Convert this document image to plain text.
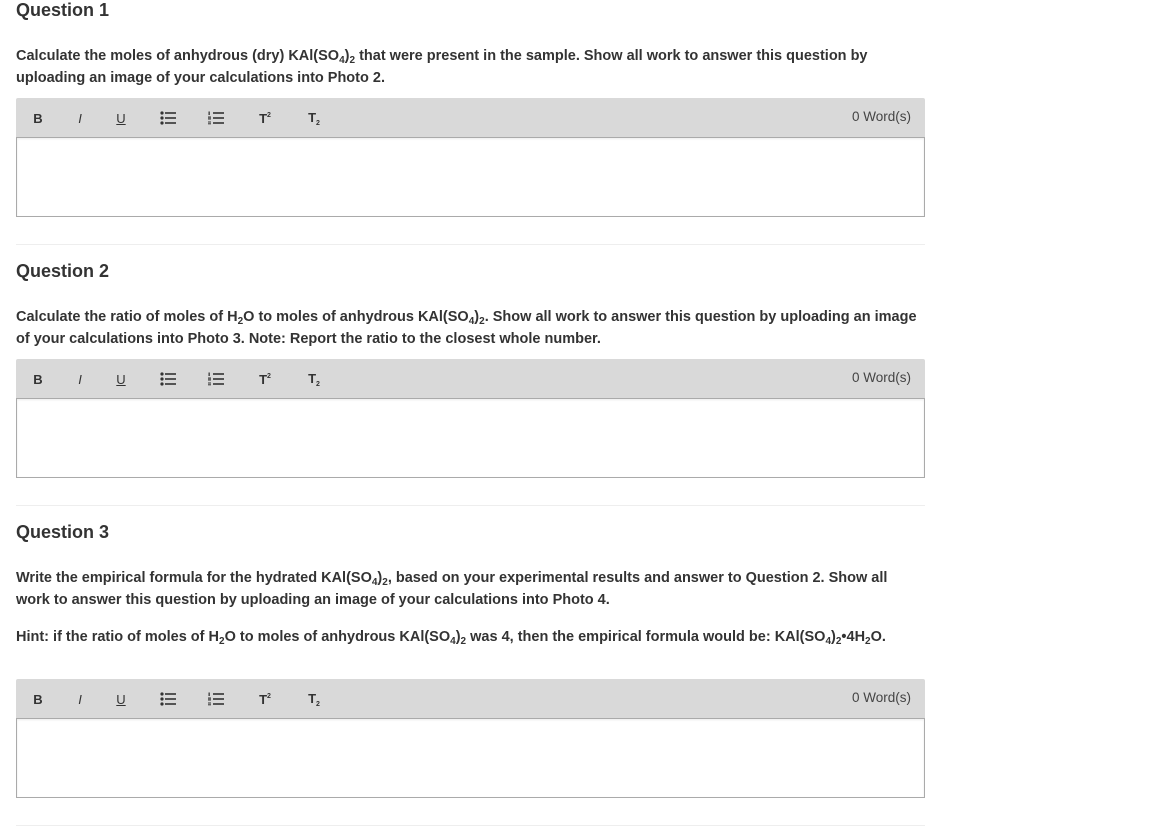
Question 1
Calculate the moles of anhydrous (dry) $KAl(SO_4)_2$ that were present in the sample. Show all work to answer this question by uploading an image of your calculations into Photo 2.
B	I	U	$T^2$	$T_2$	0 Word(s)
Question 2
Calculate the ratio of moles of $H_2O$ to moles of anhydrous $KAl(SO_4)_2$. Show all work to answer this question by uploading an image of your calculations into Photo 3. Note: Report the ratio to the closest whole number.
B	I	U	$T^2$	$T_2$	0 Word(s)
Question 3
Write the empirical formula for the hydrated $KAl(SO_4)_2$, based on your experimental results and answer to Question 2. Show all work to answer this question by uploading an image of your calculations into Photo 4.
Hint: if the ratio of moles of $H_2O$ to moles of anhydrous $KAl(SO_4)_2$ was 4, then the empirical formula would be: $KAl(SO_4)_2•4H_2O$.
B	I	U	$T^2$	$T_2$	0 Word(s)
